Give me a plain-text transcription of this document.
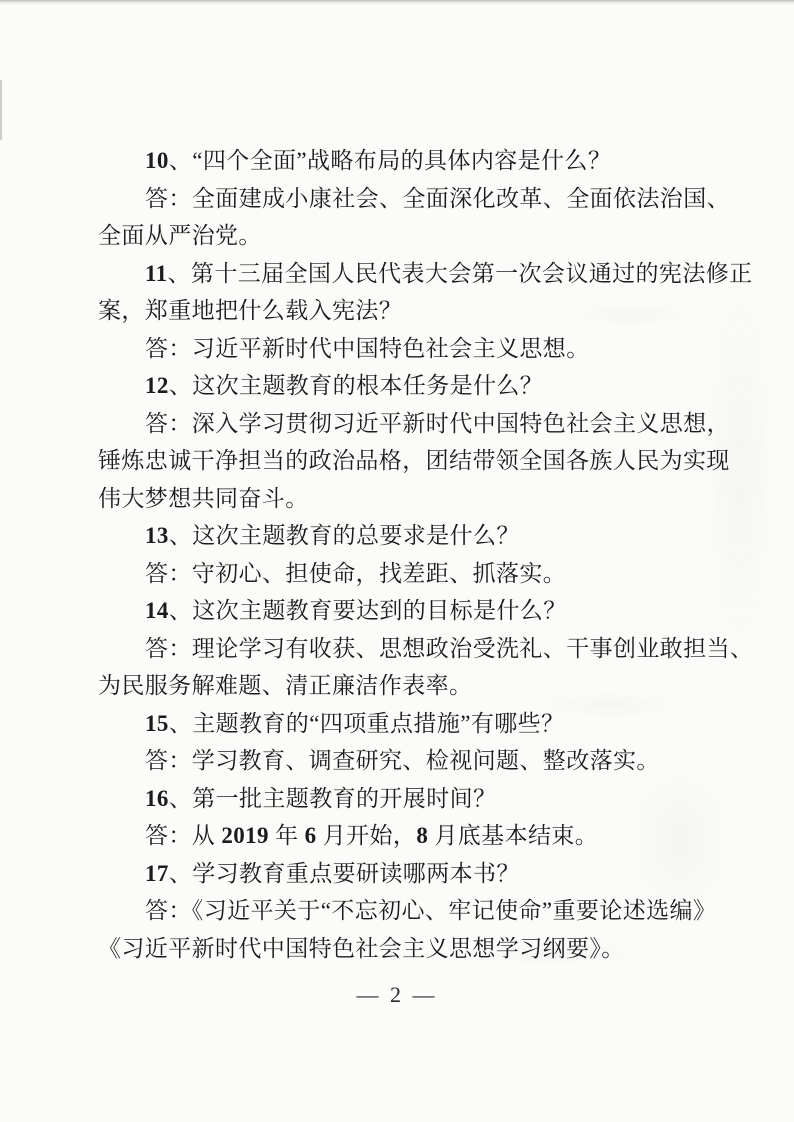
10、“四个全面”战略布局的具体内容是什么？
答：全面建成小康社会、全面深化改革、全面依法治国、
全面从严治党。
11、第十三届全国人民代表大会第一次会议通过的宪法修正
案，郑重地把什么载入宪法？
答：习近平新时代中国特色社会主义思想。
12、这次主题教育的根本任务是什么？
答：深入学习贯彻习近平新时代中国特色社会主义思想，
锤炼忠诚干净担当的政治品格，团结带领全国各族人民为实现
伟大梦想共同奋斗。
13、这次主题教育的总要求是什么？
答：守初心、担使命，找差距、抓落实。
14、这次主题教育要达到的目标是什么？
答：理论学习有收获、思想政治受洗礼、干事创业敢担当、
为民服务解难题、清正廉洁作表率。
15、主题教育的“四项重点措施”有哪些？
答：学习教育、调查研究、检视问题、整改落实。
16、第一批主题教育的开展时间？
答：从 2019 年 6 月开始，8 月底基本结束。
17、学习教育重点要研读哪两本书？
答：《习近平关于“不忘初心、牢记使命”重要论述选编》
《习近平新时代中国特色社会主义思想学习纲要》。
— 2 —
